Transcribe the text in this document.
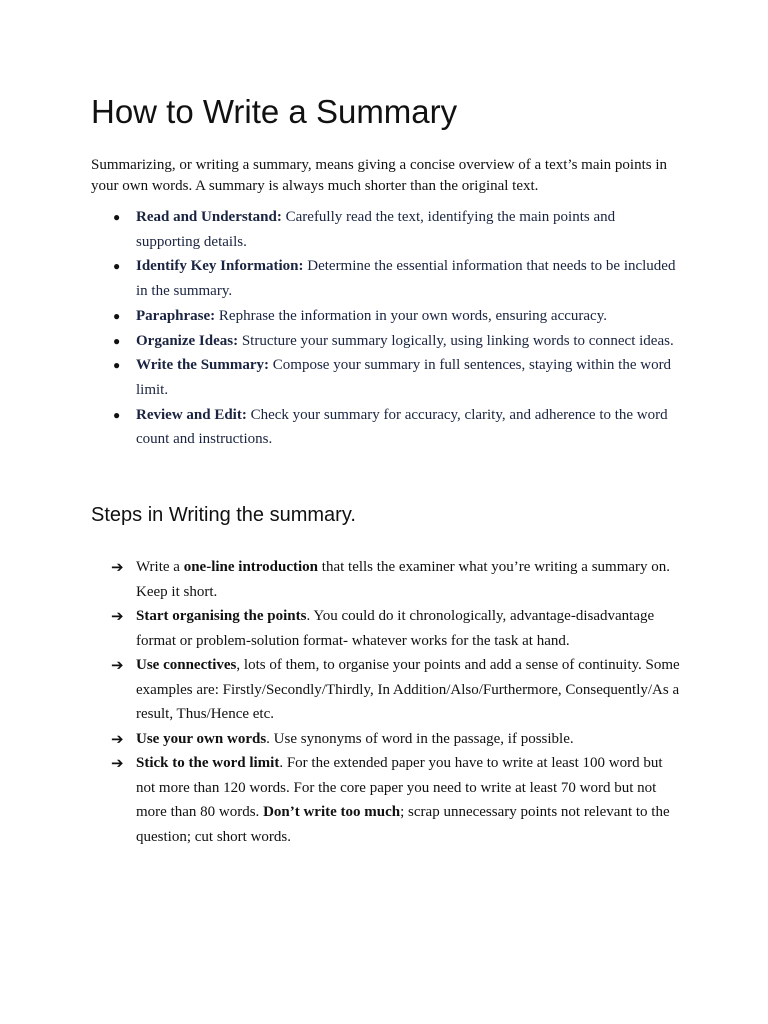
How to Write a Summary

Summarizing, or writing a summary, means giving a concise overview of a text’s main points in your own words. A summary is always much shorter than the original text.

● Read and Understand: Carefully read the text, identifying the main points and supporting details.
● Identify Key Information: Determine the essential information that needs to be included in the summary.
● Paraphrase: Rephrase the information in your own words, ensuring accuracy.
● Organize Ideas: Structure your summary logically, using linking words to connect ideas.
● Write the Summary: Compose your summary in full sentences, staying within the word limit.
● Review and Edit: Check your summary for accuracy, clarity, and adherence to the word count and instructions.
Steps in Writing the summary.
➔ Write a one-line introduction that tells the examiner what you’re writing a summary on. Keep it short.
➔ Start organising the points. You could do it chronologically, advantage-disadvantage format or problem-solution format- whatever works for the task at hand.
➔ Use connectives, lots of them, to organise your points and add a sense of continuity. Some examples are: Firstly/Secondly/Thirdly, In Addition/Also/Furthermore, Consequently/As a result, Thus/Hence etc.
➔ Use your own words. Use synonyms of word in the passage, if possible.
➔ Stick to the word limit. For the extended paper you have to write at least 100 word but not more than 120 words. For the core paper you need to write at least 70 word but not more than 80 words. Don’t write too much; scrap unnecessary points not relevant to the question; cut short words.
